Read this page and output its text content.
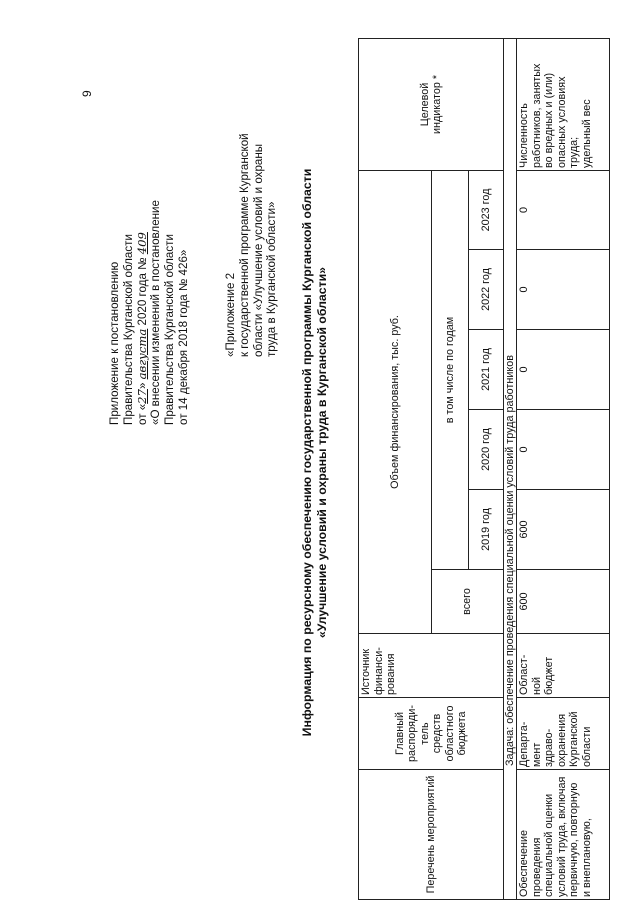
9
Приложение к постановлению Правительства Курганской области от «27» августа 2020 года № 409 «О внесении изменений в постановление Правительства Курганской области от 14 декабря 2018 года № 426»	«Приложение 2 к государственной программе Курганской области «Улучшение условий и охраны труда в Курганской области» Информация по ресурсному обеспечению государственной программы Курганской области «Улучшение условий и охраны труда в Курганской области»
Перечень мероприятий
Главный распоряди- тель средств областного бюджета
Источник финанси- рования
Объем финансирования, тыс. руб.
всего
в том числе по годам
2019 год
2020 год
2021 год
2022 год
2023 год
Целевой индикатор *
Задача: обеспечение проведения специальной оценки условий труда работников
Обеспечение проведения специальной оценки условий труда, включая первичную, повторную и внеплановую,
Департа- мент здраво- охранения Курганской области
Област- ной бюджет
600
600
0
0
0
0
Численность работников, занятых во вредных и (или) опасных условиях труда; удельный вес
